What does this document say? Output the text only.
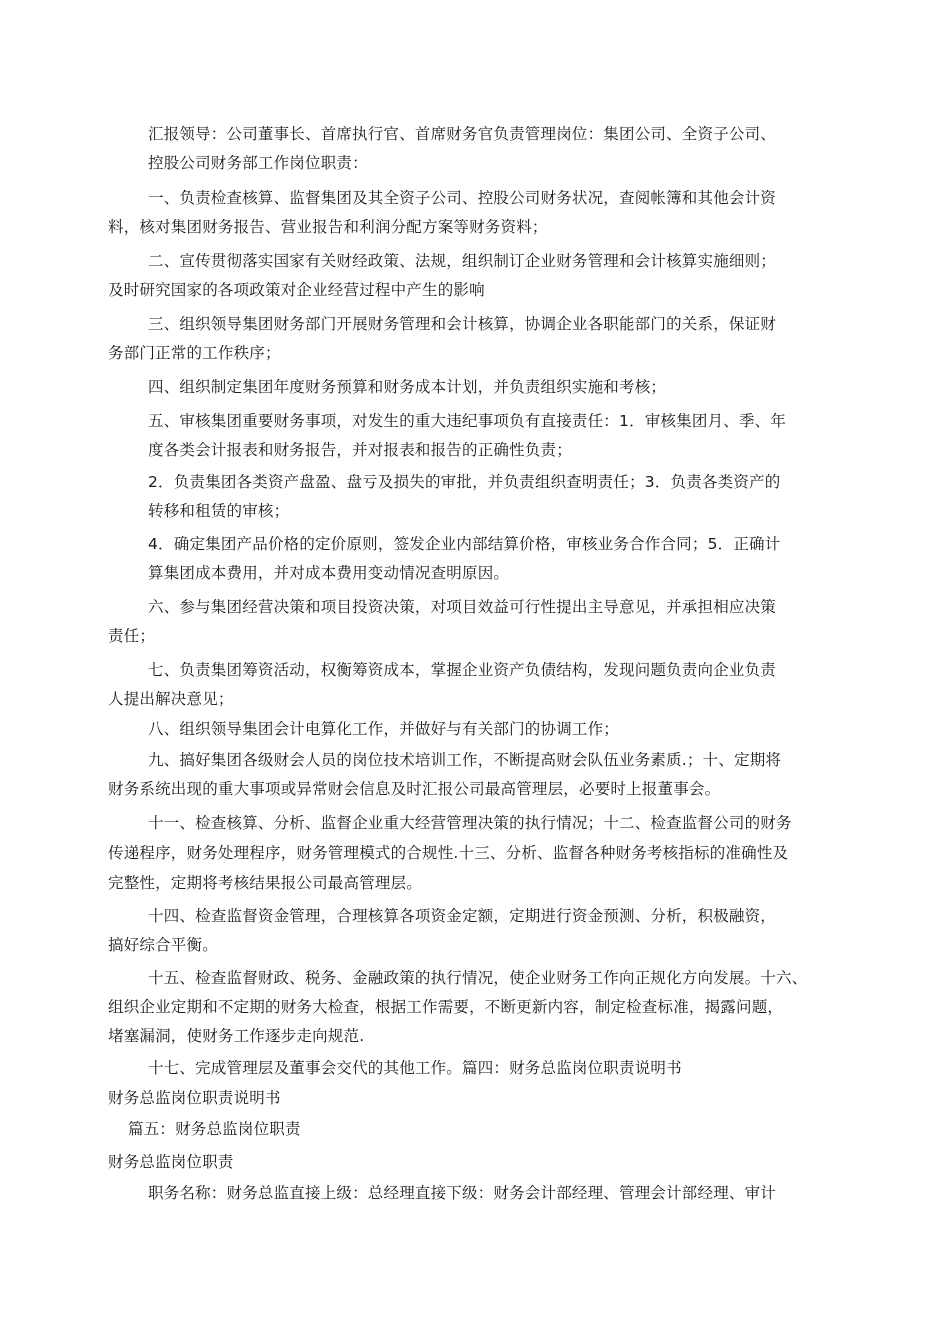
汇报领导：公司董事长、首席执行官、首席财务官负责管理岗位：集团公司、全资子公司、
控股公司财务部工作岗位职责：
一、负责检查核算、监督集团及其全资子公司、控股公司财务状况，查阅帐簿和其他会计资
料，核对集团财务报告、营业报告和利润分配方案等财务资料；
二、宣传贯彻落实国家有关财经政策、法规，组织制订企业财务管理和会计核算实施细则；
及时研究国家的各项政策对企业经营过程中产生的影响
三、组织领导集团财务部门开展财务管理和会计核算，协调企业各职能部门的关系，保证财
务部门正常的工作秩序；
四、组织制定集团年度财务预算和财务成本计划，并负责组织实施和考核；
五、审核集团重要财务事项，对发生的重大违纪事项负有直接责任：1．审核集团月、季、年
度各类会计报表和财务报告，并对报表和报告的正确性负责；
2．负责集团各类资产盘盈、盘亏及损失的审批，并负责组织查明责任；3．负责各类资产的
转移和租赁的审核；
4．确定集团产品价格的定价原则，签发企业内部结算价格，审核业务合作合同；5．正确计
算集团成本费用，并对成本费用变动情况查明原因。
六、参与集团经营决策和项目投资决策，对项目效益可行性提出主导意见，并承担相应决策
责任；
七、负责集团筹资活动，权衡筹资成本，掌握企业资产负债结构，发现问题负责向企业负责
人提出解决意见；
八、组织领导集团会计电算化工作，并做好与有关部门的协调工作；
九、搞好集团各级财会人员的岗位技术培训工作，不断提高财会队伍业务素质.；十、定期将
财务系统出现的重大事项或异常财会信息及时汇报公司最高管理层，必要时上报董事会。
十一、检查核算、分析、监督企业重大经营管理决策的执行情况；十二、检查监督公司的财务
传递程序，财务处理程序，财务管理模式的合规性.十三、分析、监督各种财务考核指标的准确性及
完整性，定期将考核结果报公司最高管理层。
十四、检查监督资金管理，合理核算各项资金定额，定期进行资金预测、分析，积极融资，
搞好综合平衡。
十五、检查监督财政、税务、金融政策的执行情况，使企业财务工作向正规化方向发展。十六、
组织企业定期和不定期的财务大检查，根据工作需要，不断更新内容，制定检查标准，揭露问题，
堵塞漏洞，使财务工作逐步走向规范.
十七、完成管理层及董事会交代的其他工作。篇四：财务总监岗位职责说明书
财务总监岗位职责说明书
篇五：财务总监岗位职责
财务总监岗位职责
职务名称：财务总监直接上级：总经理直接下级：财务会计部经理、管理会计部经理、审计
